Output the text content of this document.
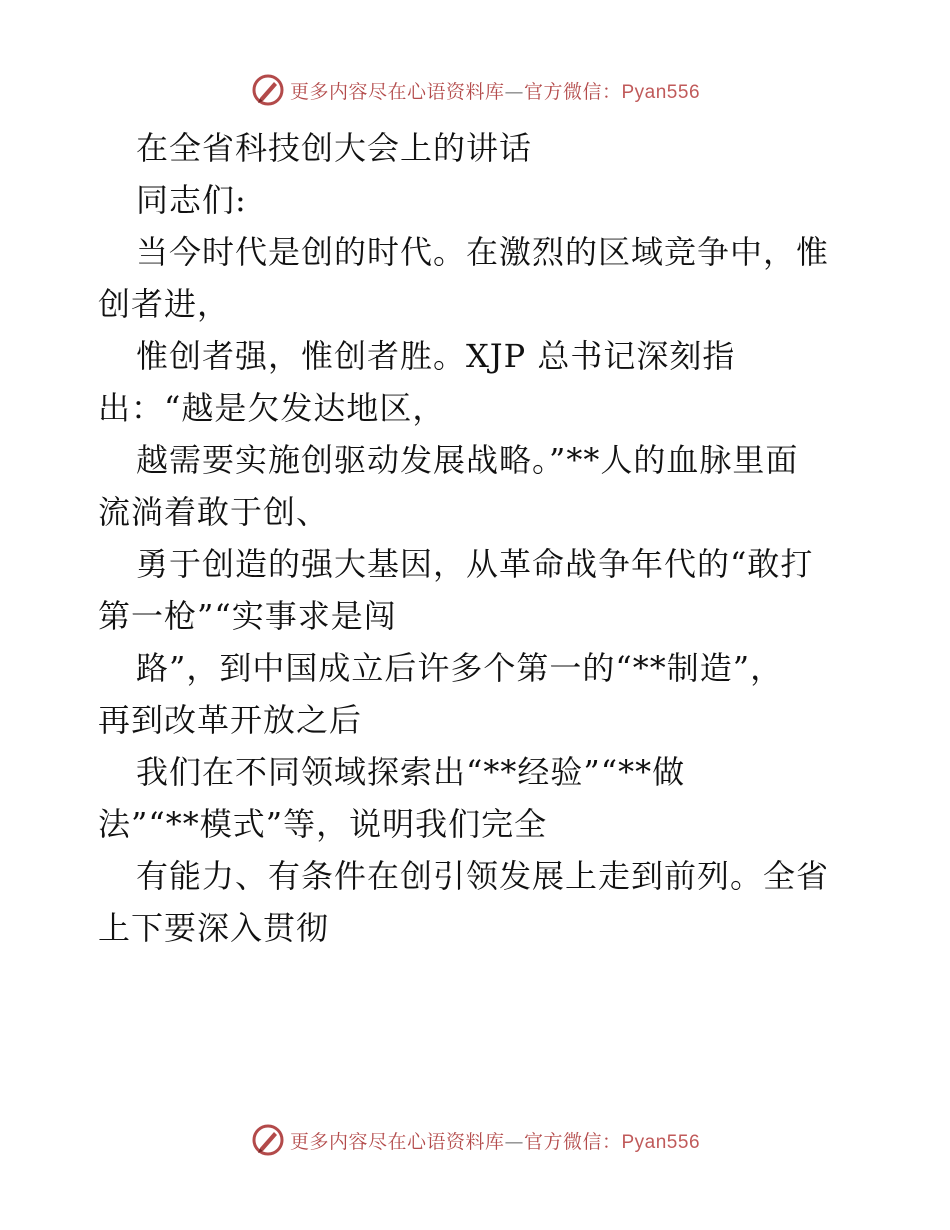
更多内容尽在心语资料库—官方微信：Pyan556
在全省科技创大会上的讲话
同志们:
当今时代是创的时代。在激烈的区域竞争中，惟
创者进，
惟创者强，惟创者胜。XJP 总书记深刻指
出：“越是欠发达地区，
越需要实施创驱动发展战略。”**人的血脉里面
流淌着敢于创、
勇于创造的强大基因，从革命战争年代的“敢打
第一枪”“实事求是闯
路”，到中国成立后许多个第一的“**制造”，
再到改革开放之后
我们在不同领域探索出“**经验”“**做
法”“**模式”等，说明我们完全
有能力、有条件在创引领发展上走到前列。全省
上下要深入贯彻
更多内容尽在心语资料库—官方微信：Pyan556
